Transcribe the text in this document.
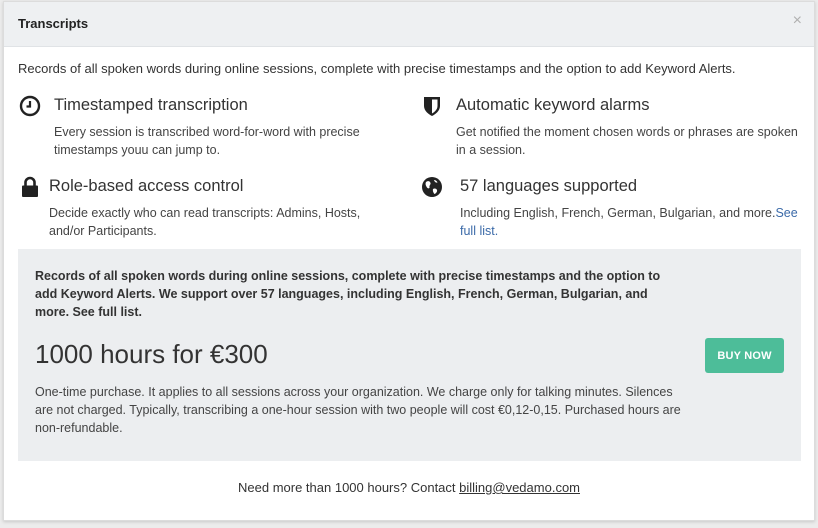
Transcripts	×
Records of all spoken words during online sessions, complete with precise timestamps and the option to add Keyword Alerts.
Timestamped transcription
Every session is transcribed word-for-word with precise timestamps youu can jump to.
Automatic keyword alarms
Get notified the moment chosen words or phrases are spoken in a session.
Role-based access control
Decide exactly who can read transcripts: Admins, Hosts, and/or Participants.
57 languages supported
Including English, French, German, Bulgarian, and more.See full list.
Records of all spoken words during online sessions, complete with precise timestamps and the option to add Keyword Alerts. We support over 57 languages, including English, French, German, Bulgarian, and more. See full list.
1000 hours for €300	BUY NOW
One-time purchase. It applies to all sessions across your organization. We charge only for talking minutes. Silences are not charged. Typically, transcribing a one-hour session with two people will cost €0,12-0,15. Purchased hours are non-refundable.
Need more than 1000 hours? Contact billing@vedamo.com
